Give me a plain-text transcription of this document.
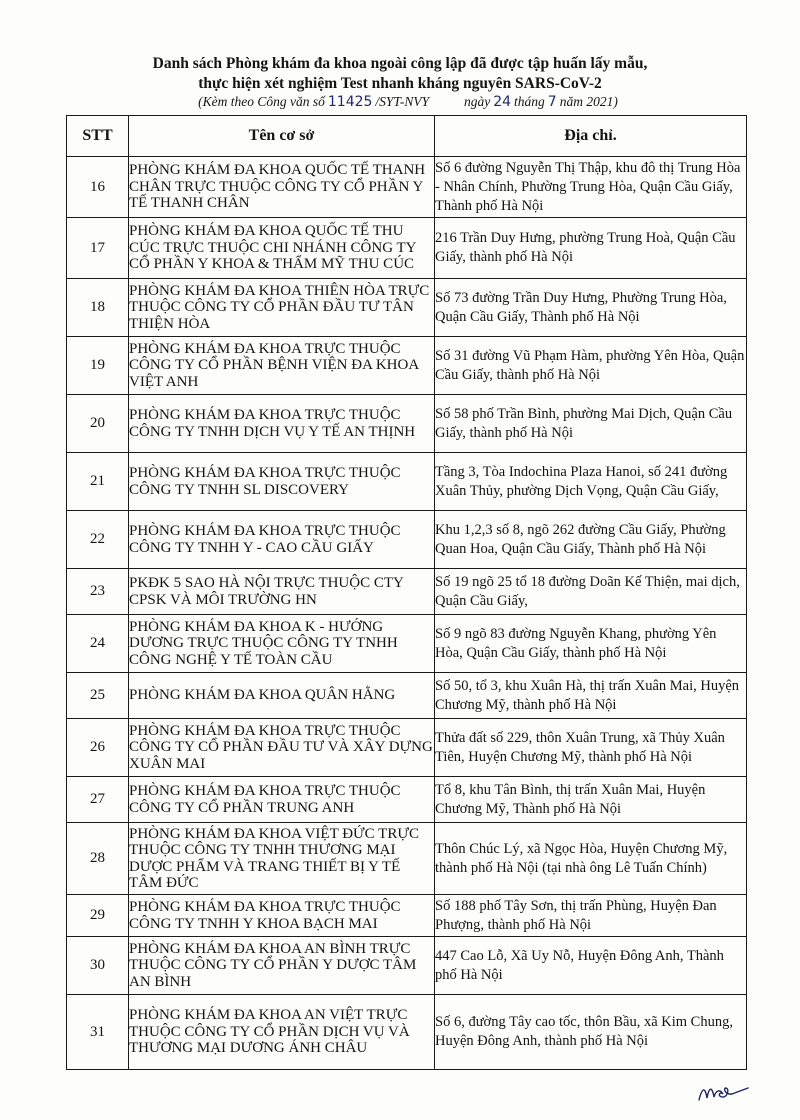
Danh sách Phòng khám đa khoa ngoài công lập đã được tập huấn lấy mẫu,
thực hiện xét nghiệm Test nhanh kháng nguyên SARS-CoV-2
(Kèm theo Công văn số 11425 /SYT-NVY	ngày 24 tháng 7 năm 2021)
STT	Tên cơ sở	Địa chỉ.
16	PHÒNG KHÁM ĐA KHOA QUỐC TẾ THANH CHÂN TRỰC THUỘC CÔNG TY CỔ PHẦN Y TẾ THANH CHÂN	Số 6 đường Nguyễn Thị Thập, khu đô thị Trung Hòa - Nhân Chính, Phường Trung Hòa, Quận Cầu Giấy, Thành phố Hà Nội
17	PHÒNG KHÁM ĐA KHOA QUỐC TẾ THU CÚC TRỰC THUỘC CHI NHÁNH CÔNG TY CỔ PHẦN Y KHOA & THẨM MỸ THU CÚC	216 Trần Duy Hưng, phường Trung Hoà, Quận Cầu Giấy, thành phố Hà Nội
18	PHÒNG KHÁM ĐA KHOA THIÊN HÒA TRỰC THUỘC CÔNG TY CỔ PHẦN ĐẦU TƯ TÂN THIỆN HÒA	Số 73 đường Trần Duy Hưng, Phường Trung Hòa, Quận Cầu Giấy, Thành phố Hà Nội
19	PHÒNG KHÁM ĐA KHOA TRỰC THUỘC CÔNG TY CỔ PHẦN BỆNH VIỆN ĐA KHOA VIỆT ANH	Số 31 đường Vũ Phạm Hàm, phường Yên Hòa, Quận Cầu Giấy, thành phố Hà Nội
20	PHÒNG KHÁM ĐA KHOA TRỰC THUỘC CÔNG TY TNHH DỊCH VỤ Y TẾ AN THỊNH	Số 58 phố Trần Bình, phường Mai Dịch, Quận Cầu Giấy, thành phố Hà Nội
21	PHÒNG KHÁM ĐA KHOA TRỰC THUỘC CÔNG TY TNHH SL DISCOVERY	Tầng 3, Tòa Indochina Plaza Hanoi, số 241 đường Xuân Thủy, phường Dịch Vọng, Quận Cầu Giấy,
22	PHÒNG KHÁM ĐA KHOA TRỰC THUỘC CÔNG TY TNHH Y - CAO CẦU GIẤY	Khu 1,2,3 số 8, ngõ 262 đường Cầu Giấy, Phường Quan Hoa, Quận Cầu Giấy, Thành phố Hà Nội
23	PKĐK 5 SAO HÀ NỘI TRỰC THUỘC CTY CPSK VÀ MÔI TRƯỜNG HN	Số 19 ngõ 25 tổ 18 đường Doãn Kế Thiện, mai dịch, Quận Cầu Giấy,
24	PHÒNG KHÁM ĐA KHOA K - HƯỚNG DƯƠNG TRỰC THUỘC CÔNG TY TNHH CÔNG NGHỆ Y TẾ TOÀN CẦU	Số 9 ngõ 83 đường Nguyễn Khang, phường Yên Hòa, Quận Cầu Giấy, thành phố Hà Nội
25	PHÒNG KHÁM ĐA KHOA QUÂN HẰNG	Số 50, tổ 3, khu Xuân Hà, thị trấn Xuân Mai, Huyện Chương Mỹ, thành phố Hà Nội
26	PHÒNG KHÁM ĐA KHOA TRỰC THUỘC CÔNG TY CỔ PHẦN ĐẦU TƯ VÀ XÂY DỰNG XUÂN MAI	Thửa đất số 229, thôn Xuân Trung, xã Thủy Xuân Tiên, Huyện Chương Mỹ, thành phố Hà Nội
27	PHÒNG KHÁM ĐA KHOA TRỰC THUỘC CÔNG TY CỔ PHẦN TRUNG ANH	Tổ 8, khu Tân Bình, thị trấn Xuân Mai, Huyện Chương Mỹ, Thành phố Hà Nội
28	PHÒNG KHÁM ĐA KHOA VIỆT ĐỨC TRỰC THUỘC CÔNG TY TNHH THƯƠNG MẠI DƯỢC PHẨM VÀ TRANG THIẾT BỊ Y TẾ TÂM ĐỨC	Thôn Chúc Lý, xã Ngọc Hòa, Huyện Chương Mỹ, thành phố Hà Nội (tại nhà ông Lê Tuấn Chính)
29	PHÒNG KHÁM ĐA KHOA TRỰC THUỘC CÔNG TY TNHH Y KHOA BẠCH MAI	Số 188 phố Tây Sơn, thị trấn Phùng, Huyện Đan Phượng, thành phố Hà Nội
30	PHÒNG KHÁM ĐA KHOA AN BÌNH TRỰC THUỘC CÔNG TY CỔ PHẦN Y DƯỢC TÂM AN BÌNH	447 Cao Lỗ, Xã Uy Nỗ, Huyện Đông Anh, Thành phố Hà Nội
31	PHÒNG KHÁM ĐA KHOA AN VIỆT TRỰC THUỘC CÔNG TY CỔ PHẦN DỊCH VỤ VÀ THƯƠNG MẠI DƯƠNG ÁNH CHÂU	Số 6, đường Tây cao tốc, thôn Bầu, xã Kim Chung, Huyện Đông Anh, thành phố Hà Nội
